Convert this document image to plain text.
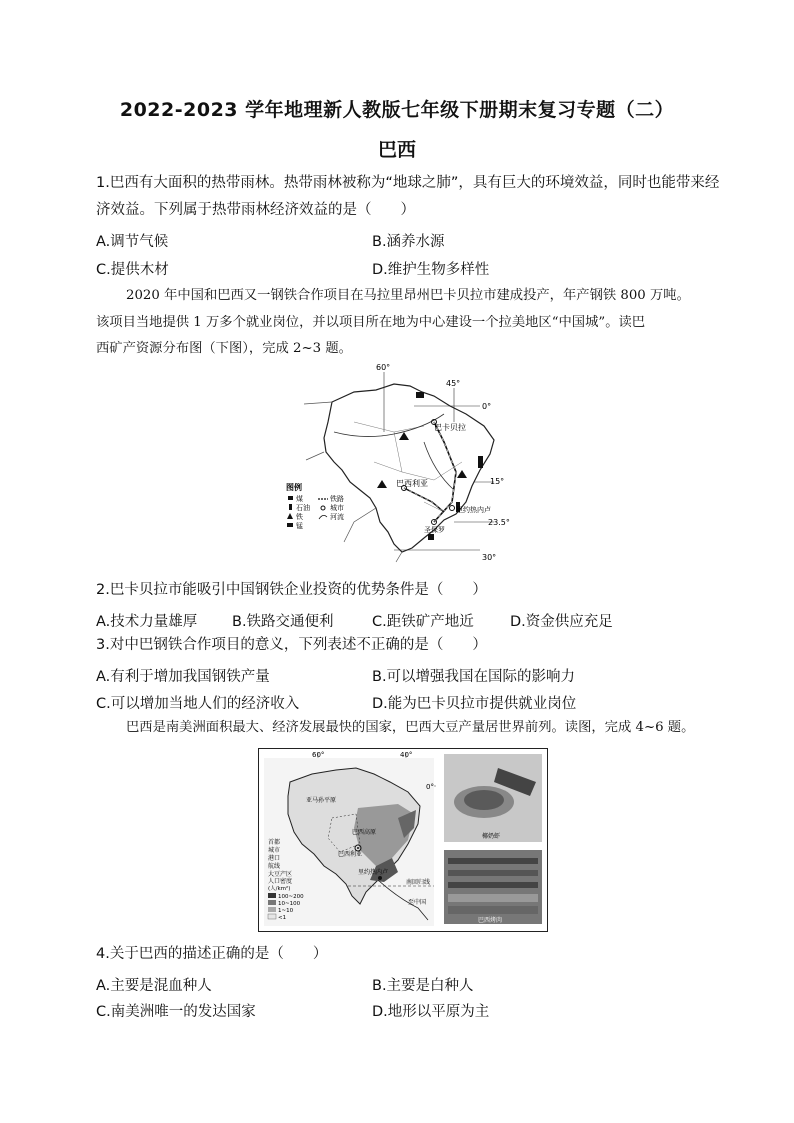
2022-2023 学年地理新人教版七年级下册期末复习专题（二）
巴西
1.巴西有大面积的热带雨林。热带雨林被称为“地球之肺”，具有巨大的环境效益，同时也能带来经
济效益。下列属于热带雨林经济效益的是（　　）
A.调节气候	B.涵养水源
C.提供木材	D.维护生物多样性
2020 年中国和巴西又一钢铁合作项目在马拉里昂州巴卡贝拉市建成投产，年产钢铁 800 万吨。
该项目当地提供 1 万多个就业岗位，并以项目所在地为中心建设一个拉美地区“中国城”。读巴
西矿产资源分布图（下图），完成 2~3 题。
60°
45°
0°
15°
23.5°
30°
巴卡贝拉
巴西利亚
里约热内卢
圣保罗
图例
煤
石油
铁
锰
铁路
城市
河流
2.巴卡贝拉市能吸引中国钢铁企业投资的优势条件是（　　）
A.技术力量雄厚 B.铁路交通便利	C.距铁矿产地近	D.资金供应充足
3.对中巴钢铁合作项目的意义，下列表述不正确的是（　　）
A.有利于增加我国钢铁产量	B.可以增强我国在国际的影响力
C.可以增加当地人们的经济收入	D.能为巴卡贝拉市提供就业岗位
巴西是南美洲面积最大、经济发展最快的国家，巴西大豆产量居世界前列。读图，完成 4~6 题。
60°	40°
0°
亚马孙平原
巴西高原
巴西利亚
里约热内卢
南回归线
至中国
首都
城市
港口
航线
大豆产区
人口密度
(人/km²)
100~200
10~100
1~10
<1
椰奶虾
巴西烤肉
4.关于巴西的描述正确的是（　　）
A.主要是混血种人	B.主要是白种人
C.南美洲唯一的发达国家	D.地形以平原为主
